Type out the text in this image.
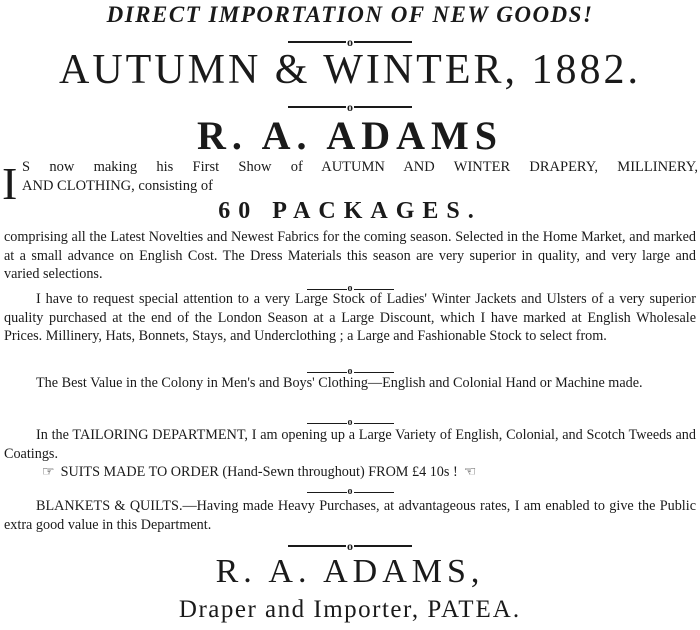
DIRECT IMPORTATION OF NEW GOODS!
o
AUTUMN & WINTER, 1882.
o
R. A. ADAMS
I S now making his First Show of AUTUMN AND WINTER DRAPERY, MILLINERY,
AND CLOTHING, consisting of
60 PACKAGES.
comprising all the Latest Novelties and Newest Fabrics for the coming season. Selected in the Home Market, and marked at a small advance on English Cost. The Dress Materials this season are very superior in quality, and very large and varied selections.
o
I have to request special attention to a very Large Stock of Ladies' Winter Jackets and Ulsters of a very superior quality purchased at the end of the London Season at a Large Discount, which I have marked at English Wholesale Prices. Millinery, Hats, Bonnets, Stays, and Underclothing ; a Large and Fashionable Stock to select from.
o
The Best Value in the Colony in Men's and Boys' Clothing—English and Colonial Hand or Machine made.
o
In the TAILORING DEPARTMENT, I am opening up a Large Variety of English, Colonial, and Scotch Tweeds and Coatings.
☞ SUITS MADE TO ORDER (Hand-Sewn throughout) FROM £4 10s ! ☜
o
BLANKETS & QUILTS.—Having made Heavy Purchases, at advantageous rates, I am enabled to give the Public extra good value in this Department.
o
R. A. ADAMS,
Draper and Importer, PATEA.
